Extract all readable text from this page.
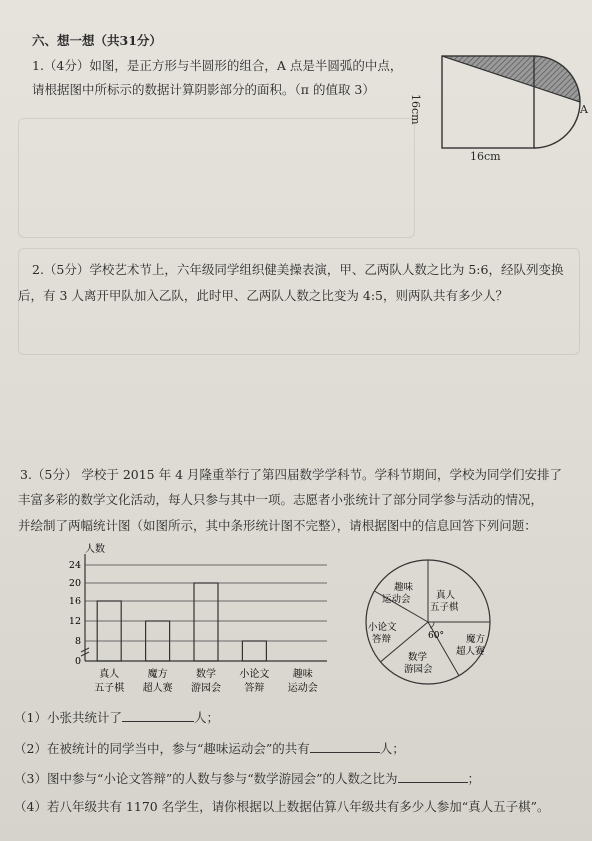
六、想一想（共31分）
1.（4分）如图，是正方形与半圆形的组合，A 点是半圆弧的中点，
请根据图中所标示的数据计算阴影部分的面积。（π 的值取 3）
16cm
16cm
A
2.（5分）学校艺术节上，六年级同学组织健美操表演，甲、乙两队人数之比为 5:6，经队列变换
后，有 3 人离开甲队加入乙队，此时甲、乙两队人数之比变为 4:5，则两队共有多少人？
3.（5分） 学校于 2015 年 4 月隆重举行了第四届数学学科节。学科节期间，学校为同学们安排了
丰富多彩的数学文化活动，每人只参与其中一项。志愿者小张统计了部分同学参与活动的情况，
并绘制了两幅统计图（如图所示，其中条形统计图不完整），请根据图中的信息回答下列问题：
人数
0
8
12
16
20
24
真人
五子棋
魔方
超人赛
数学
游园会
小论文
答辩
趣味
运动会
真人
五子棋
魔方
超人赛
数学
游园会
小论文
答辩
趣味
运动会
60°
（1）小张共统计了	人；
（2）在被统计的同学当中，参与“趣味运动会”的共有	人；
（3）图中参与“小论文答辩”的人数与参与“数学游园会”的人数之比为	；
（4）若八年级共有 1170 名学生，请你根据以上数据估算八年级共有多少人参加“真人五子棋”。
